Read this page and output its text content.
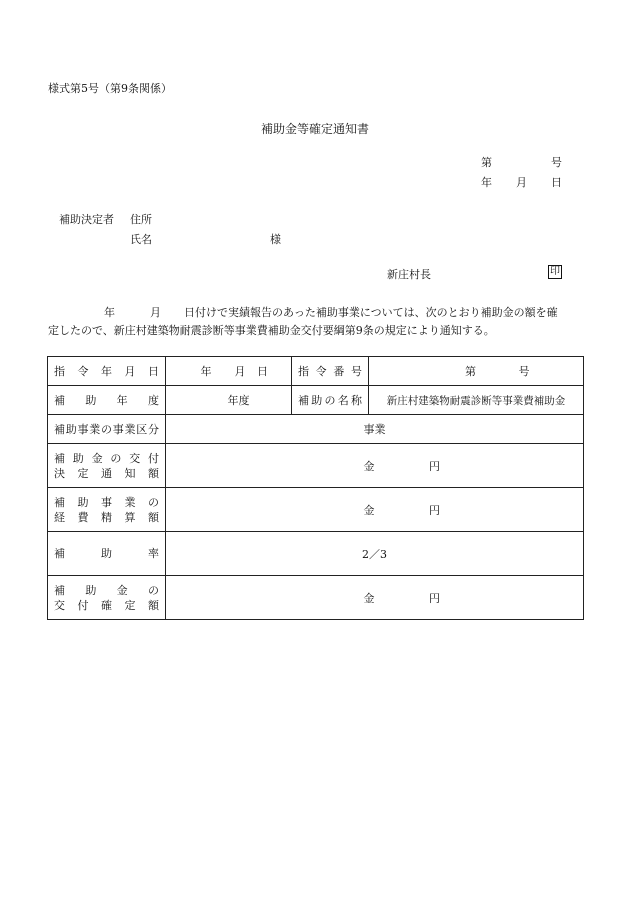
様式第5号（第9条関係）
補助金等確定通知書
第	号
年 月 日
補助決定者 住所
氏名	様
新庄村長	印
年	月 日付けで実績報告のあった補助事業については、次のとおり補助金の額を確
定したので、新庄村建築物耐震診断等事業費補助金交付要綱第9条の規定により通知する。
指令年月日	年 月 日	指令番号	第 号

補助年度	年度	補助の名称	新庄村建築物耐震診断等事業費補助金

補助事業の事業区分	事業		

補助金の交付
決定通知額	金 円		

補助事業の
経費精算額	金 円		

補助率	2／3		

補助金の
交付確定額	金 円		
